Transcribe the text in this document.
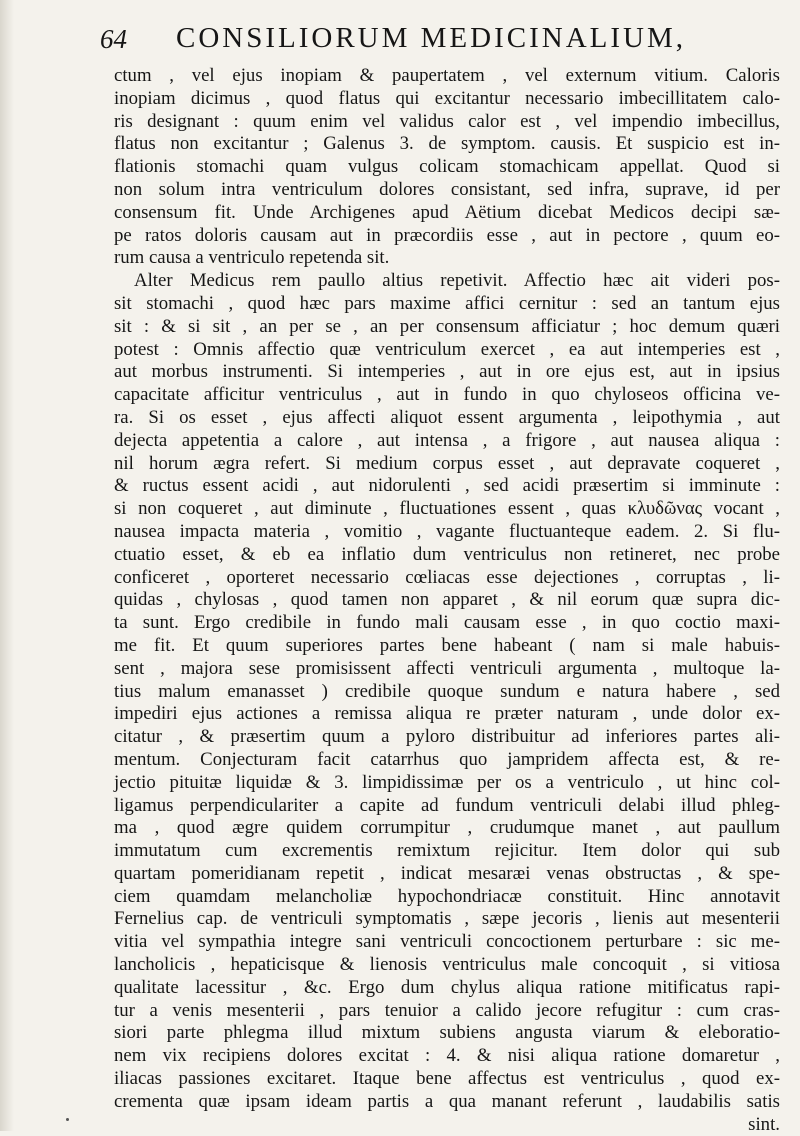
64 CONSILIORUM MEDICINALIUM,
ctum , vel ejus inopiam & paupertatem , vel externum vitium. Caloris
inopiam dicimus , quod flatus qui excitantur necessario imbecillitatem calo-
ris designant : quum enim vel validus calor est , vel impendio imbecillus,
flatus non excitantur ; Galenus 3. de symptom. causis. Et suspicio est in-
flationis stomachi quam vulgus colicam stomachicam appellat. Quod si
non solum intra ventriculum dolores consistant, sed infra, suprave, id per
consensum fit. Unde Archigenes apud Aëtium dicebat Medicos decipi sæ-
pe ratos doloris causam aut in præcordiis esse , aut in pectore , quum eo-
rum causa a ventriculo repetenda sit.
Alter Medicus rem paullo altius repetivit. Affectio hæc ait videri pos-
sit stomachi , quod hæc pars maxime affici cernitur : sed an tantum ejus
sit : & si sit , an per se , an per consensum afficiatur ; hoc demum quæri
potest : Omnis affectio quæ ventriculum exercet , ea aut intemperies est ,
aut morbus instrumenti. Si intemperies , aut in ore ejus est, aut in ipsius
capacitate afficitur ventriculus , aut in fundo in quo chyloseos officina ve-
ra. Si os esset , ejus affecti aliquot essent argumenta , leipothymia , aut
dejecta appetentia a calore , aut intensa , a frigore , aut nausea aliqua :
nil horum ægra refert. Si medium corpus esset , aut depravate coqueret ,
& ructus essent acidi , aut nidorulenti , sed acidi præsertim si imminute :
si non coqueret , aut diminute , fluctuationes essent , quas κλυδῶνας vocant ,
nausea impacta materia , vomitio , vagante fluctuanteque eadem. 2. Si flu-
ctuatio esset, & eb ea inflatio dum ventriculus non retineret, nec probe
conficeret , oporteret necessario cœliacas esse dejectiones , corruptas , li-
quidas , chylosas , quod tamen non apparet , & nil eorum quæ supra dic-
ta sunt. Ergo credibile in fundo mali causam esse , in quo coctio maxi-
me fit. Et quum superiores partes bene habeant ( nam si male habuis-
sent , majora sese promisissent affecti ventriculi argumenta , multoque la-
tius malum emanasset ) credibile quoque sundum e natura habere , sed
impediri ejus actiones a remissa aliqua re præter naturam , unde dolor ex-
citatur , & præsertim quum a pyloro distribuitur ad inferiores partes ali-
mentum. Conjecturam facit catarrhus quo jampridem affecta est, & re-
jectio pituitæ liquidæ & 3. limpidissimæ per os a ventriculo , ut hinc col-
ligamus perpendiculariter a capite ad fundum ventriculi delabi illud phleg-
ma , quod ægre quidem corrumpitur , crudumque manet , aut paullum
immutatum cum excrementis remixtum rejicitur. Item dolor qui sub
quartam pomeridianam repetit , indicat mesaræi venas obstructas , & spe-
ciem quamdam melancholiæ hypochondriacæ constituit. Hinc annotavit
Fernelius cap. de ventriculi symptomatis , sæpe jecoris , lienis aut mesenterii
vitia vel sympathia integre sani ventriculi concoctionem perturbare : sic me-
lancholicis , hepaticisque & lienosis ventriculus male concoquit , si vitiosa
qualitate lacessitur , &c. Ergo dum chylus aliqua ratione mitificatus rapi-
tur a venis mesenterii , pars tenuior a calido jecore refugitur : cum cras-
siori parte phlegma illud mixtum subiens angusta viarum & eleboratio-
nem vix recipiens dolores excitat : 4. & nisi aliqua ratione domaretur ,
iliacas passiones excitaret. Itaque bene affectus est ventriculus , quod ex-
crementa quæ ipsam ideam partis a qua manant referunt , laudabilis satis
sint.
